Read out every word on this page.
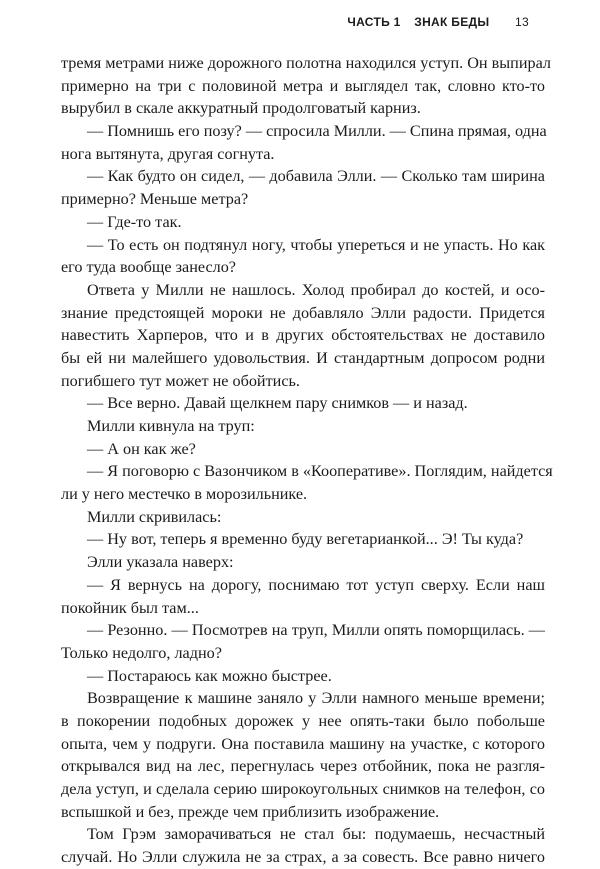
ЧАСТЬ 1 ЗНАК БЕДЫ 13
тремя метрами ниже дорожного полотна находился уступ. Он выпирал
примерно на три с половиной метра и выглядел так, словно кто-то
вырубил в скале аккуратный продолговатый карниз.
— Помнишь его позу? — спросила Милли. — Спина прямая, одна
нога вытянута, другая согнута.
— Как будто он сидел, — добавила Элли. — Сколько там ширина
примерно? Меньше метра?
— Где-то так.
— То есть он подтянул ногу, чтобы упереться и не упасть. Но как
его туда вообще занесло?
Ответа у Милли не нашлось. Холод пробирал до костей, и осо-
знание предстоящей мороки не добавляло Элли радости. Придется
навестить Харперов, что и в других обстоятельствах не доставило
бы ей ни малейшего удовольствия. И стандартным допросом родни
погибшего тут может не обойтись.
— Все верно. Давай щелкнем пару снимков — и назад.
Милли кивнула на труп:
— А он как же?
— Я поговорю с Вазончиком в «Кооперативе». Поглядим, найдется
ли у него местечко в морозильнике.
Милли скривилась:
— Ну вот, теперь я временно буду вегетарианкой... Э! Ты куда?
Элли указала наверх:
— Я вернусь на дорогу, поснимаю тот уступ сверху. Если наш
покойник был там...
— Резонно. — Посмотрев на труп, Милли опять поморщилась. —
Только недолго, ладно?
— Постараюсь как можно быстрее.
Возвращение к машине заняло у Элли намного меньше времени;
в покорении подобных дорожек у нее опять-таки было побольше
опыта, чем у подруги. Она поставила машину на участке, с которого
открывался вид на лес, перегнулась через отбойник, пока не разгля-
дела уступ, и сделала серию широкоугольных снимков на телефон, со
вспышкой и без, прежде чем приблизить изображение.
Том Грэм заморачиваться не стал бы: подумаешь, несчастный
случай. Но Элли служила не за страх, а за совесть. Все равно ничего
